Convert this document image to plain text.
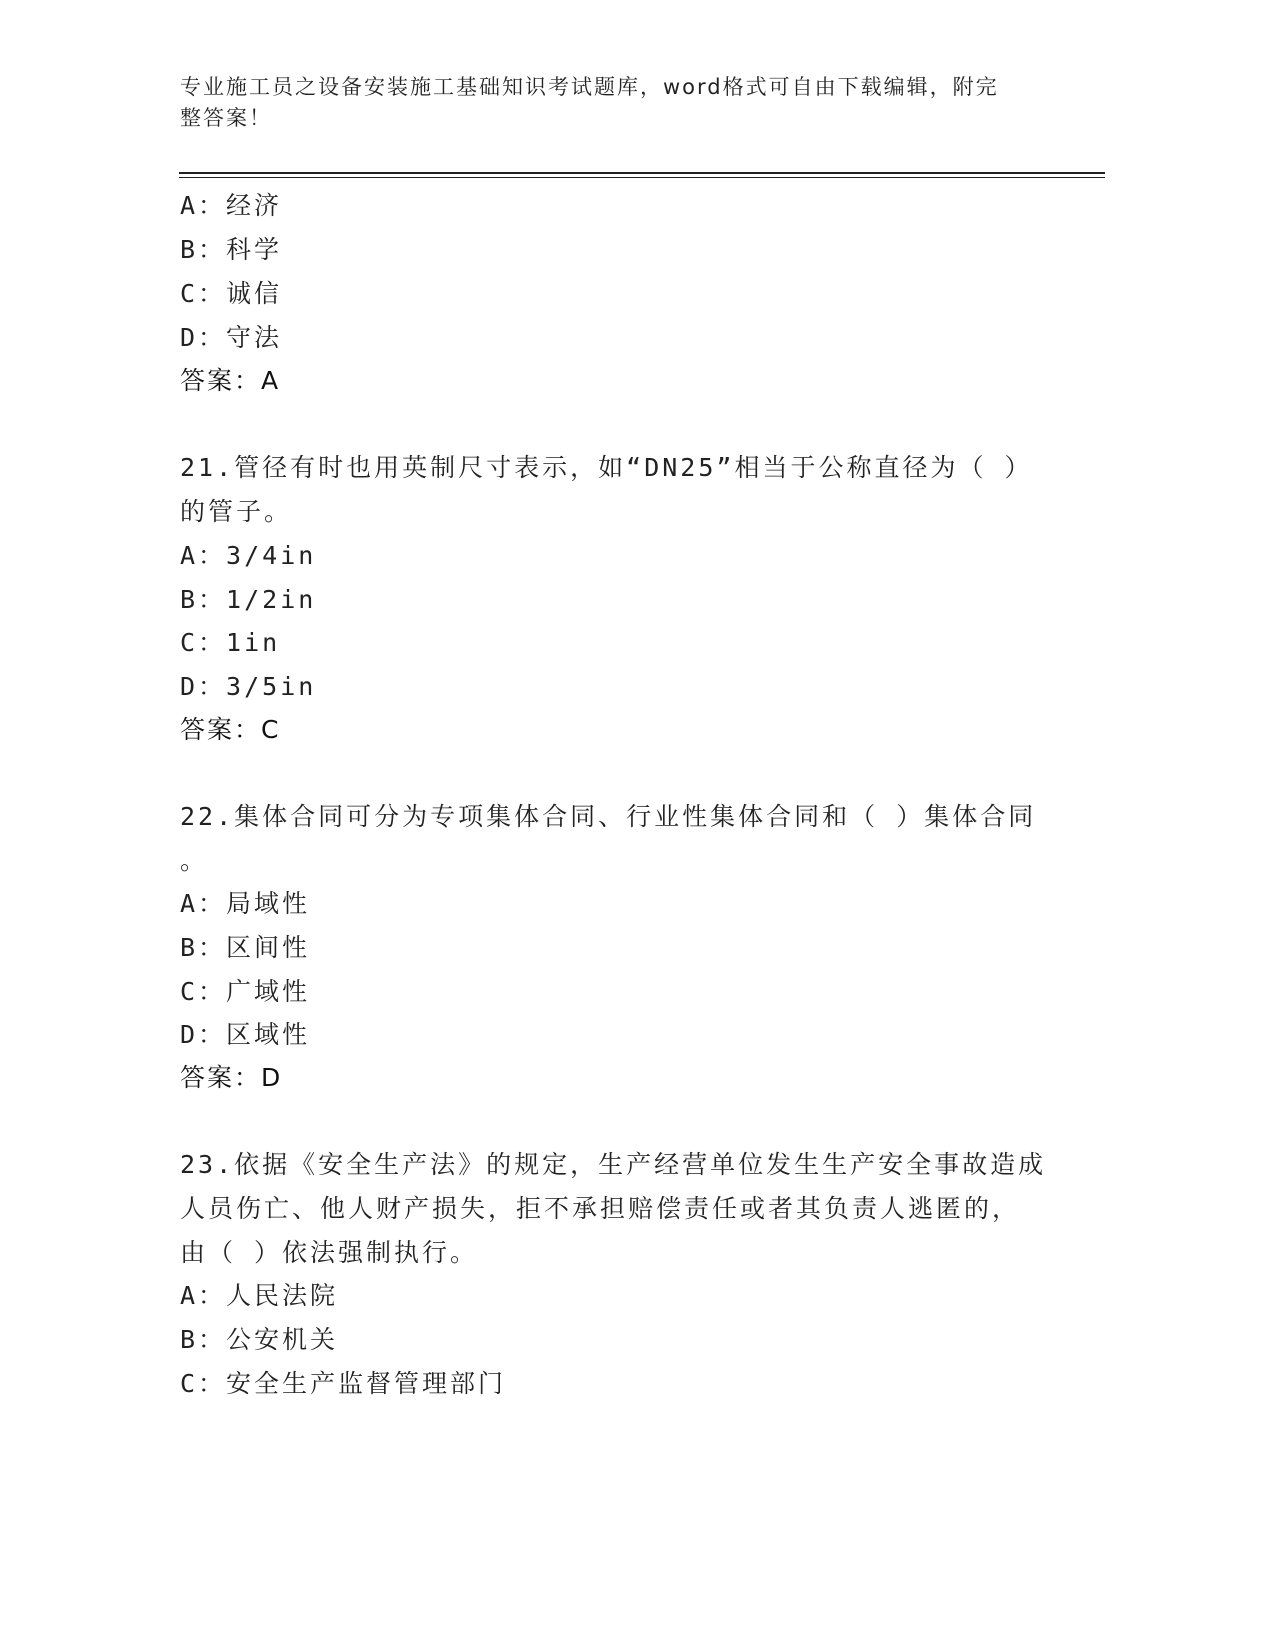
专业施工员之设备安装施工基础知识考试题库，word格式可自由下载编辑，附完
整答案！
A：经济
B：科学
C：诚信
D：守法
答案：A
21.管径有时也用英制尺寸表示，如“DN25”相当于公称直径为（ ）
的管子。
A：3/4in
B：1/2in
C：1in
D：3/5in
答案：C
22.集体合同可分为专项集体合同、行业性集体合同和（ ）集体合同
。
A：局域性
B：区间性
C：广域性
D：区域性
答案：D
23.依据《安全生产法》的规定，生产经营单位发生生产安全事故造成
人员伤亡、他人财产损失，拒不承担赔偿责任或者其负责人逃匿的，
由（ ）依法强制执行。
A：人民法院
B：公安机关
C：安全生产监督管理部门
